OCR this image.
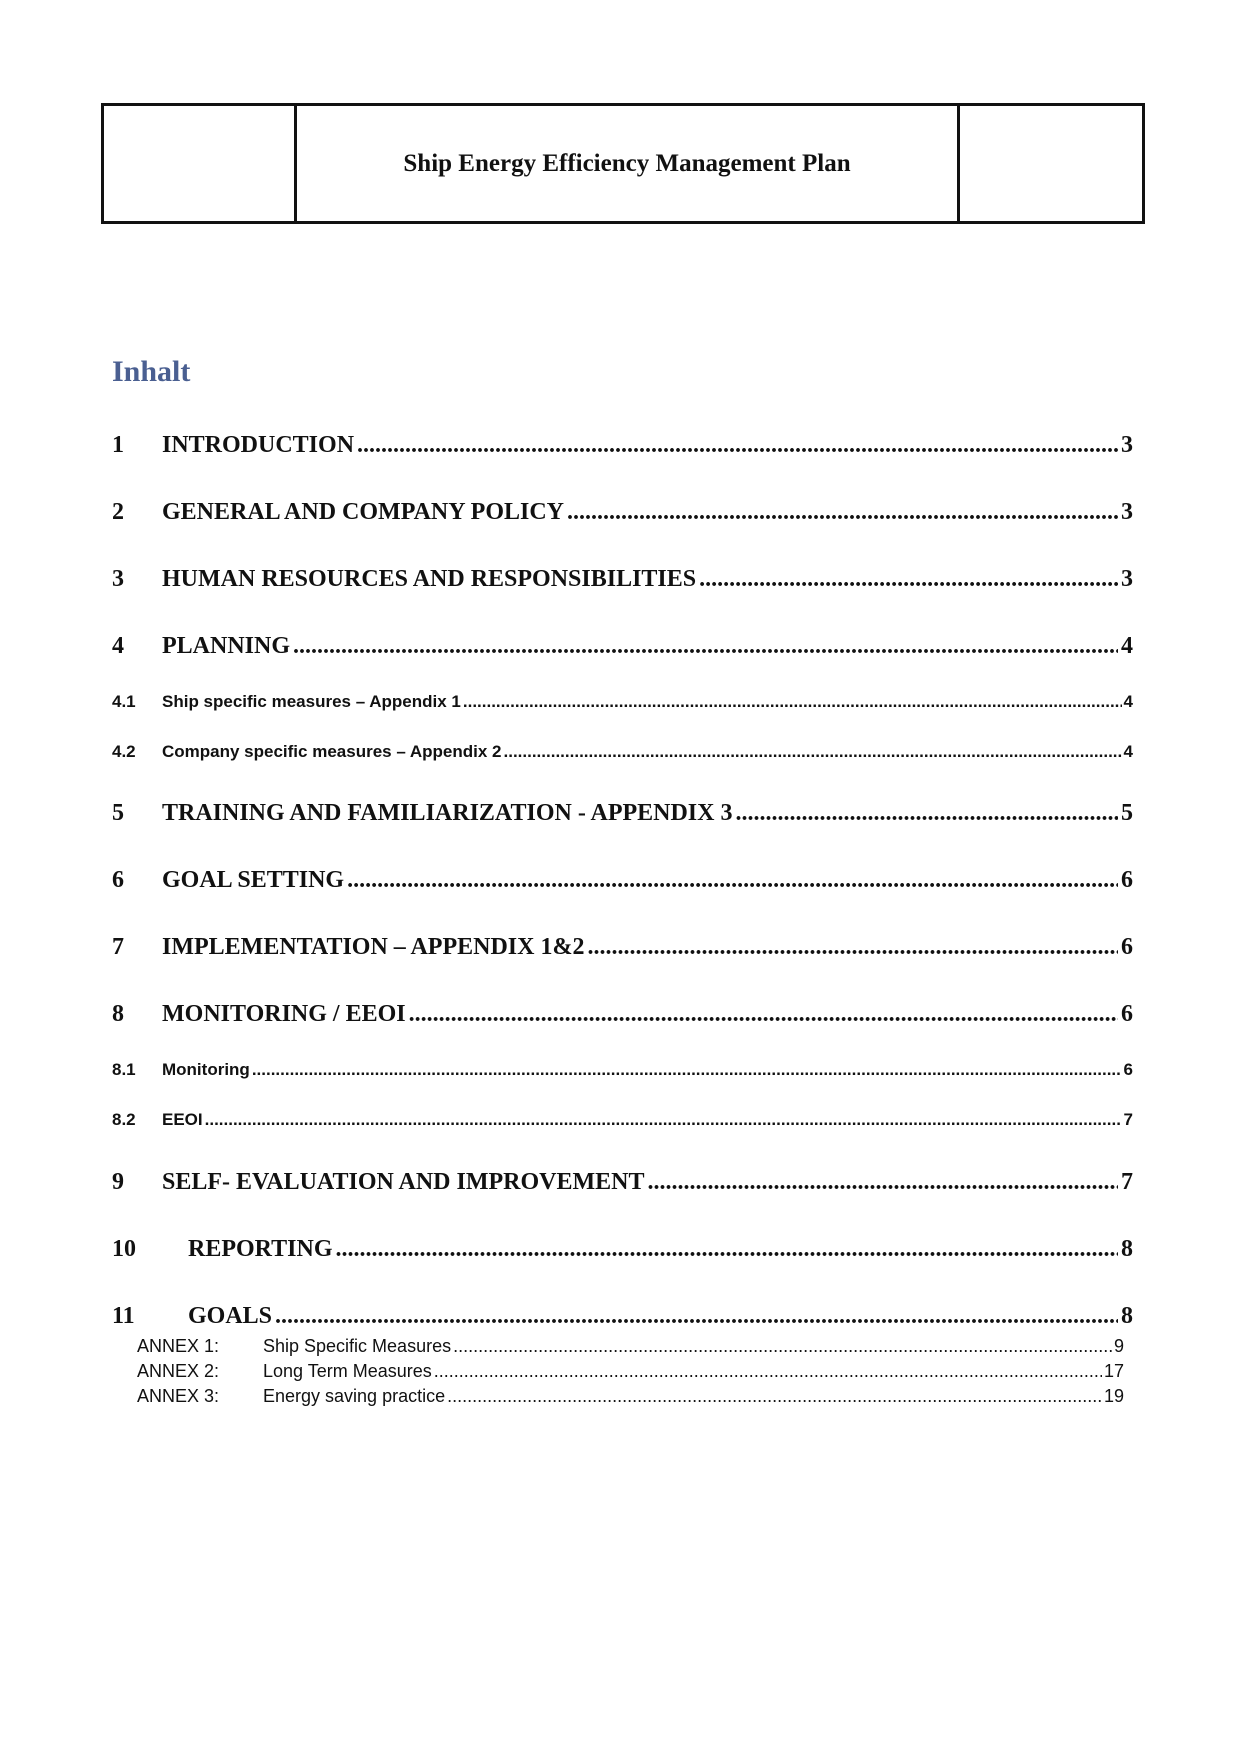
Ship Energy Efficiency Management Plan
Inhalt
1	INTRODUCTION .....	3
2	GENERAL AND COMPANY POLICY .....	3
3	HUMAN RESOURCES AND RESPONSIBILITIES .....	3
4	PLANNING .....	4
4.1	Ship specific measures – Appendix 1 .....	4
4.2	Company specific measures – Appendix 2 .....	4
5	TRAINING AND FAMILIARIZATION - APPENDIX 3 .....	5
6	GOAL SETTING .....	6
7	IMPLEMENTATION – APPENDIX 1&2 .....	6
8	MONITORING / EEOI .....	6
8.1	Monitoring .....	6
8.2	EEOI .....	7
9	SELF- EVALUATION AND IMPROVEMENT .....	7
10	REPORTING .....	8
11	GOALS .....	8
ANNEX 1:	Ship Specific Measures .....	9
ANNEX 2:	Long Term Measures .....	17
ANNEX 3:	Energy saving practice .....	19
